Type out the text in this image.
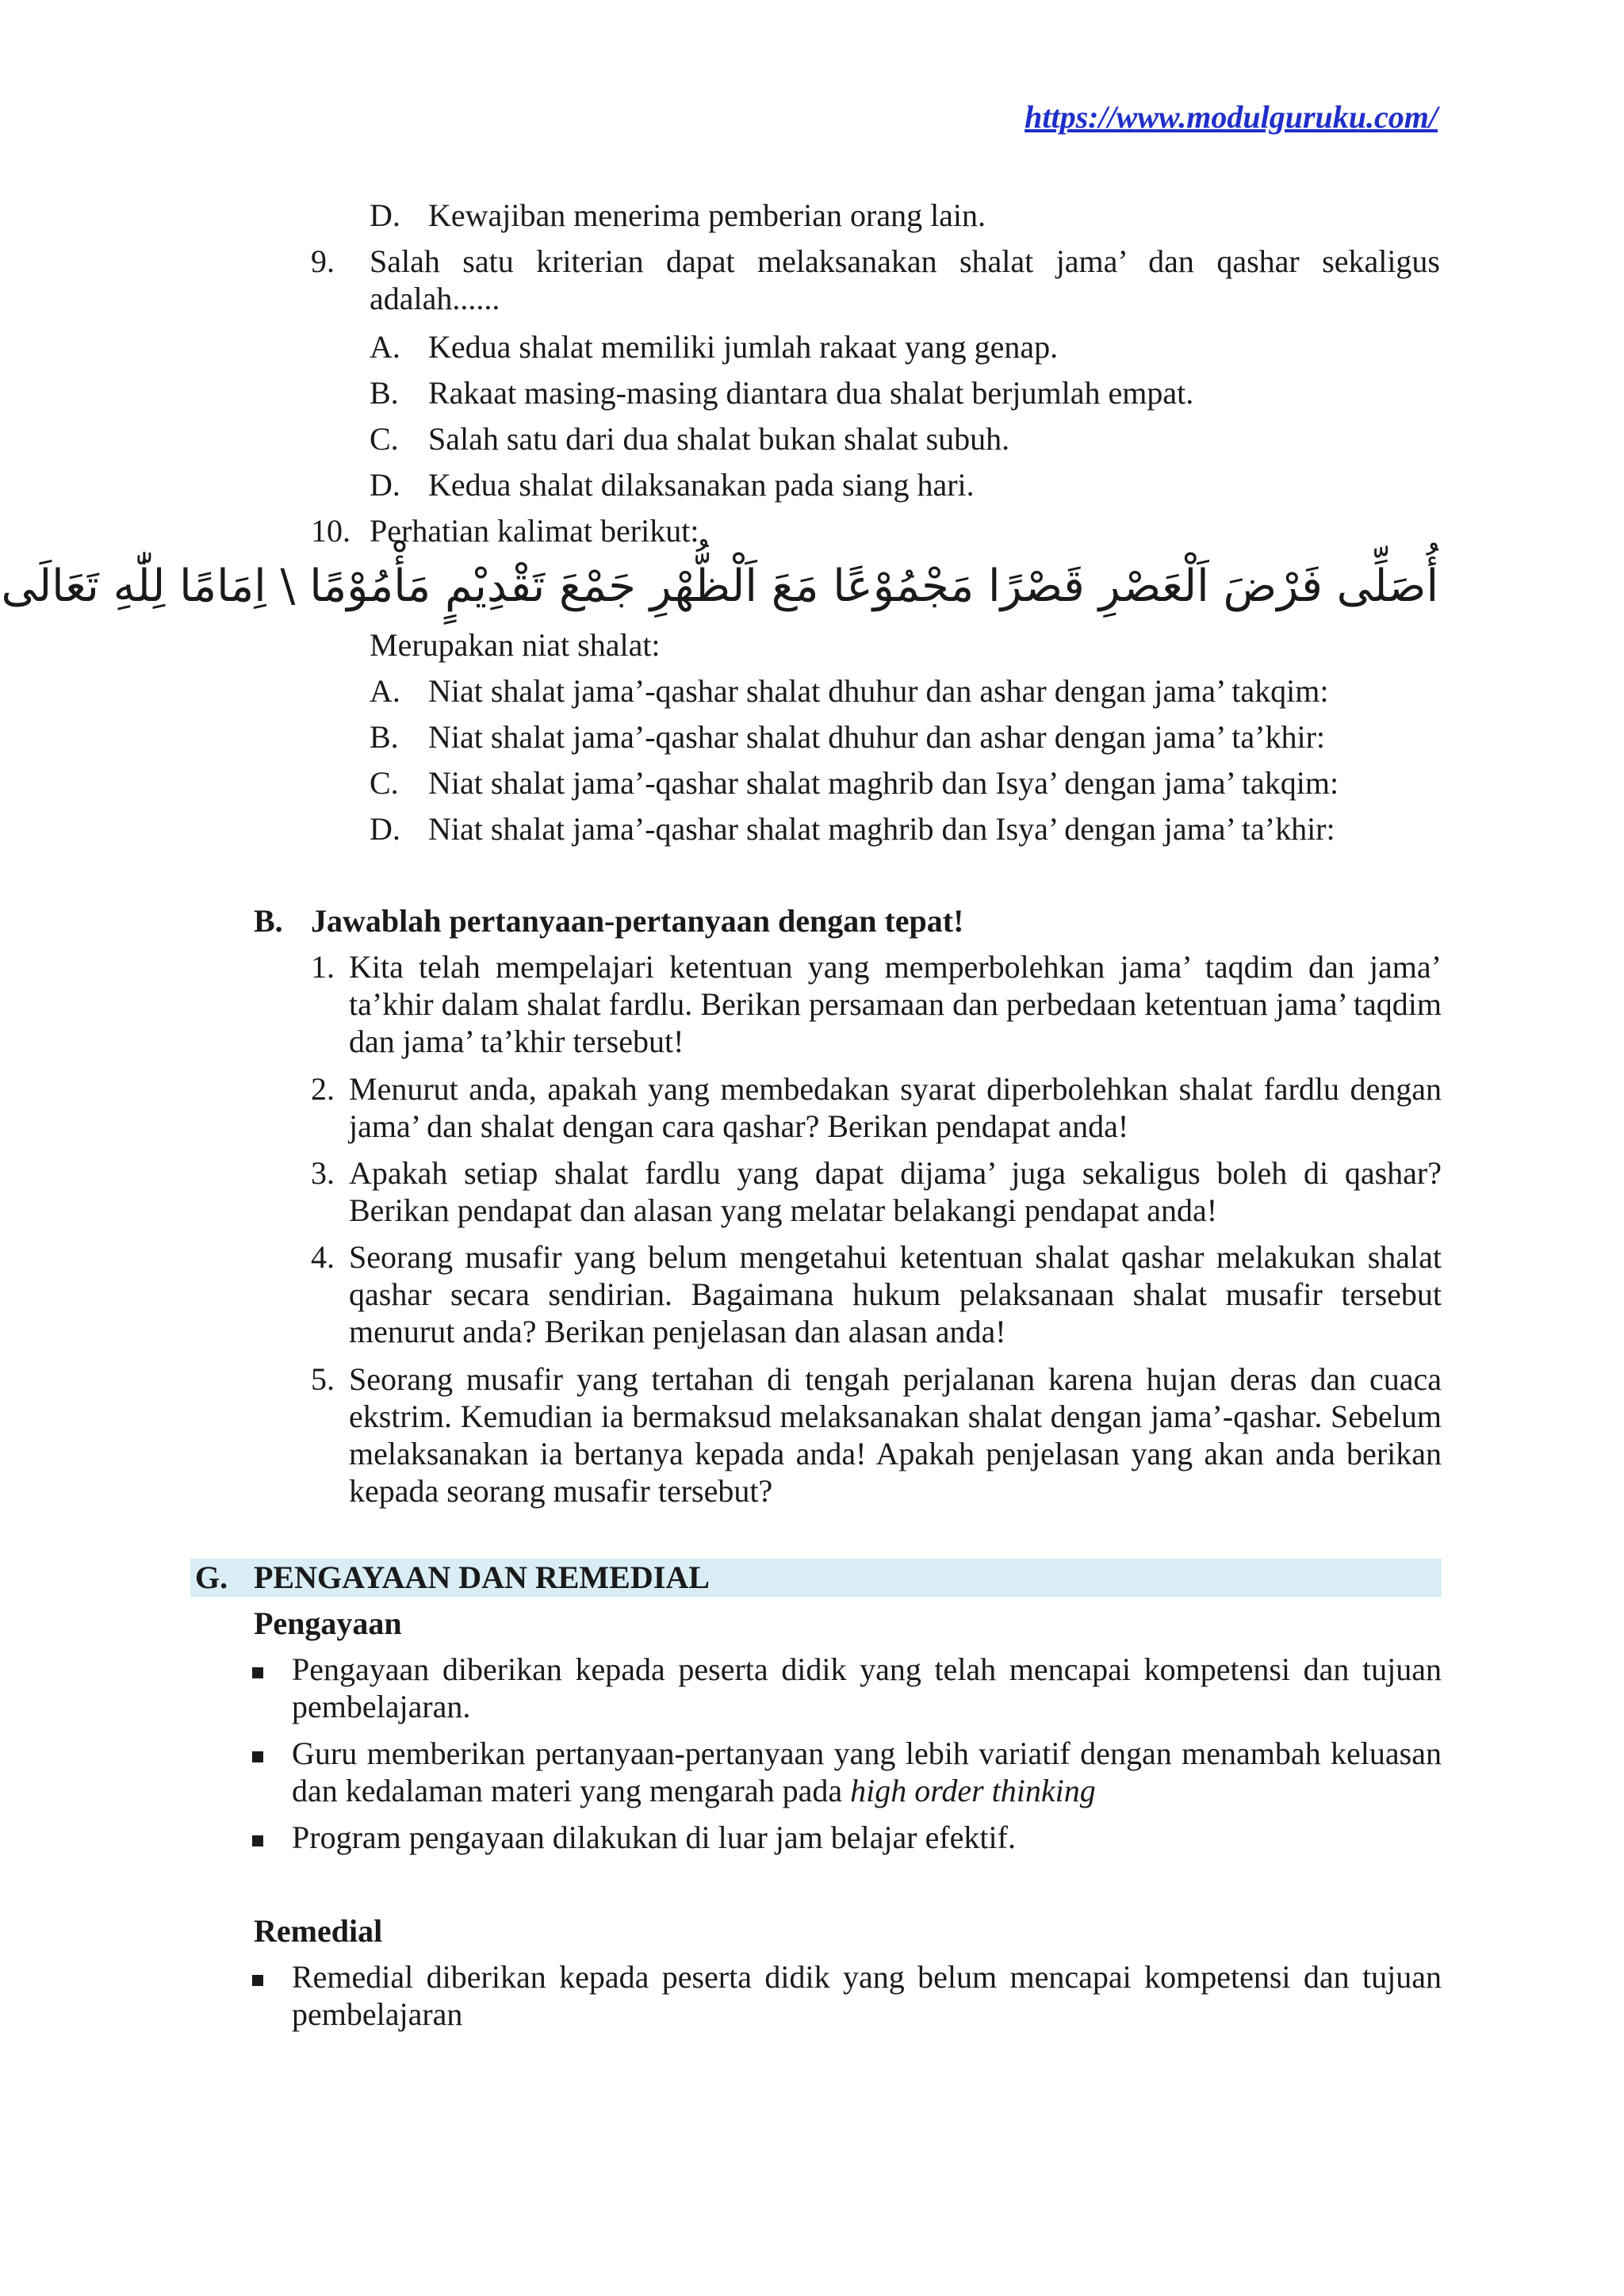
https://www.modulguruku.com/
D. Kewajiban menerima pemberian orang lain.
9. Salah satu kriterian dapat melaksanakan shalat jama’ dan qashar sekaligus adalah......
A. Kedua shalat memiliki jumlah rakaat yang genap.
B. Rakaat masing-masing diantara dua shalat berjumlah empat.
C. Salah satu dari dua shalat bukan shalat subuh.
D. Kedua shalat dilaksanakan pada siang hari.
10. Perhatian kalimat berikut:
أُصَلِّى فَرْضَ اَلْعَصْرِ قَصْرًا مَجْمُوْعًا مَعَ اَلْظُّهْرِ جَمْعَ تَقْدِيْمٍ مَأْمُوْمًا \ اِمَامًا لِلّٰهِ تَعَالَى
Merupakan niat shalat:
A. Niat shalat jama’-qashar shalat dhuhur dan ashar dengan jama’ takqim:
B. Niat shalat jama’-qashar shalat dhuhur dan ashar dengan jama’ ta’khir:
C. Niat shalat jama’-qashar shalat maghrib dan Isya’ dengan jama’ takqim:
D. Niat shalat jama’-qashar shalat maghrib dan Isya’ dengan jama’ ta’khir:
B. Jawablah pertanyaan-pertanyaan dengan tepat!
1. Kita telah mempelajari ketentuan yang memperbolehkan jama’ taqdim dan jama’ ta’khir dalam shalat fardlu. Berikan persamaan dan perbedaan ketentuan jama’ taqdim dan jama’ ta’khir tersebut!
2. Menurut anda, apakah yang membedakan syarat diperbolehkan shalat fardlu dengan jama’ dan shalat dengan cara qashar? Berikan pendapat anda!
3. Apakah setiap shalat fardlu yang dapat dijama’ juga sekaligus boleh di qashar? Berikan pendapat dan alasan yang melatar belakangi pendapat anda!
4. Seorang musafir yang belum mengetahui ketentuan shalat qashar melakukan shalat qashar secara sendirian. Bagaimana hukum pelaksanaan shalat musafir tersebut menurut anda? Berikan penjelasan dan alasan anda!
5. Seorang musafir yang tertahan di tengah perjalanan karena hujan deras dan cuaca ekstrim. Kemudian ia bermaksud melaksanakan shalat dengan jama’-qashar. Sebelum melaksanakan ia bertanya kepada anda! Apakah penjelasan yang akan anda berikan kepada seorang musafir tersebut?
G. PENGAYAAN DAN REMEDIAL
Pengayaan
Pengayaan diberikan kepada peserta didik yang telah mencapai kompetensi dan tujuan pembelajaran.
Guru memberikan pertanyaan-pertanyaan yang lebih variatif dengan menambah keluasan dan kedalaman materi yang mengarah pada high order thinking
Program pengayaan dilakukan di luar jam belajar efektif.
Remedial
Remedial diberikan kepada peserta didik yang belum mencapai kompetensi dan tujuan pembelajaran
